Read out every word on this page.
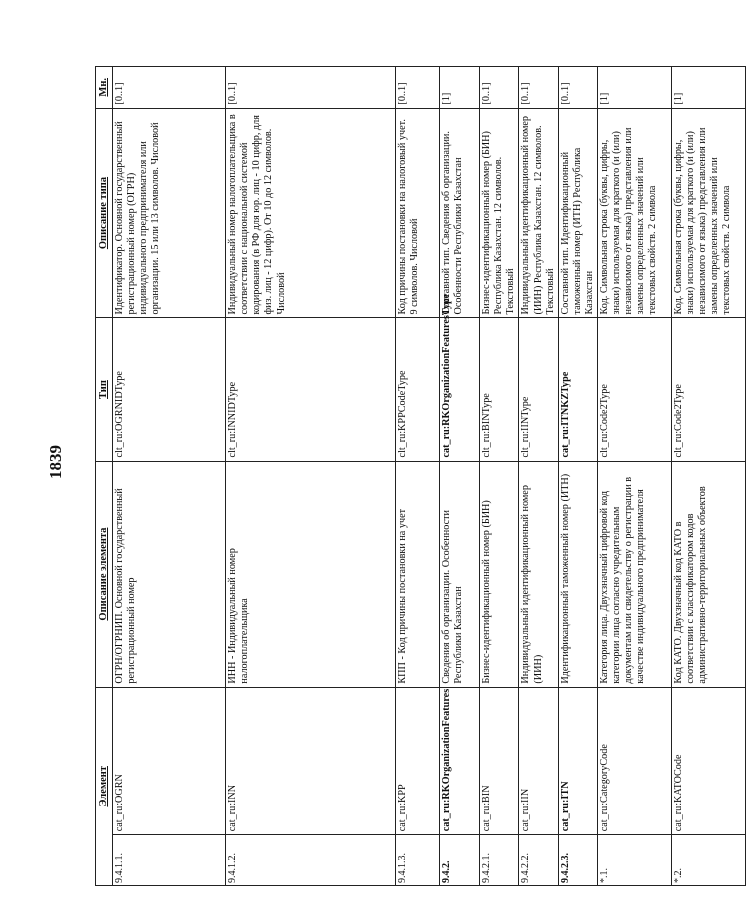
1839
Элемент		Описание элемента	Тип	Описание типа	Мн.
9.4.1.1.	cat_ru:OGRN	ОГРН/ОГРНИП. Основной государственный регистрационный номер	clt_ru:OGRNIDType	Идентификатор. Основной государственный регистрационный номер (ОГРН) индивидуального предпринимателя или организации. 15 или 13 символов. Числовой	[0..1]
9.4.1.2.	cat_ru:INN	ИНН - Индивидуальный номер налогоплательщика	clt_ru:INNIDType	Индивидуальный номер налогоплательщика в соответствии с национальной системой кодирования (в РФ для юр. лиц - 10 цифр, для физ. лиц - 12 цифр). От 10 до 12 символов. Числовой	[0..1]
9.4.1.3.	cat_ru:KPP	КПП - Код причины постановки на учет	clt_ru:KPPCodeType	Код причины постановки на налоговый учет. 9 символов. Числовой	[0..1]
9.4.2.	cat_ru:RKOrganizationFeatures	Сведения об организации. Особенности Республики Казахстан	cat_ru:RKOrganizationFeaturesType	Составной тип. Сведения об организации. Особенности Республики Казахстан	[1]
9.4.2.1.	cat_ru:BIN	Бизнес-идентификационный номер (БИН)	clt_ru:BINType	Бизнес-идентификационный номер (БИН) Республика Казахстан. 12 символов. Текстовый	[0..1]
9.4.2.2.	cat_ru:IIN	Индивидуальный идентификационный номер (ИИН)	clt_ru:IINType	Индивидуальный идентификационный номер (ИИН) Республика Казахстан. 12 символов. Текстовый	[0..1]
9.4.2.3.	cat_ru:ITN	Идентификационный таможенный номер (ИТН)	cat_ru:ITNKZType	Составной тип. Идентификационный таможенный номер (ИТН) Республика Казахстан	[0..1]
*.1.	cat_ru:CategoryCode	Категория лица. Двухзначный цифровой код категории лица согласно учредительным документам или свидетельству о регистрации в качестве индивидуального предпринимателя	clt_ru:Code2Type	Код. Символьная строка (буквы, цифры, знаки) используемая для краткого (и (или) независимого от языка) представления или замены определенных значений или текстовых свойств. 2 символа	[1]
*.2.	cat_ru:KATOCode	Код КАТО. Двухзначный код КАТО в соответствии с классификатором кодов административно-территориальных объектов	clt_ru:Code2Type	Код. Символьная строка (буквы, цифры, знаки) используемая для краткого (и (или) независимого от языка) представления или замены определенных значений или текстовых свойств. 2 символа	[1]
